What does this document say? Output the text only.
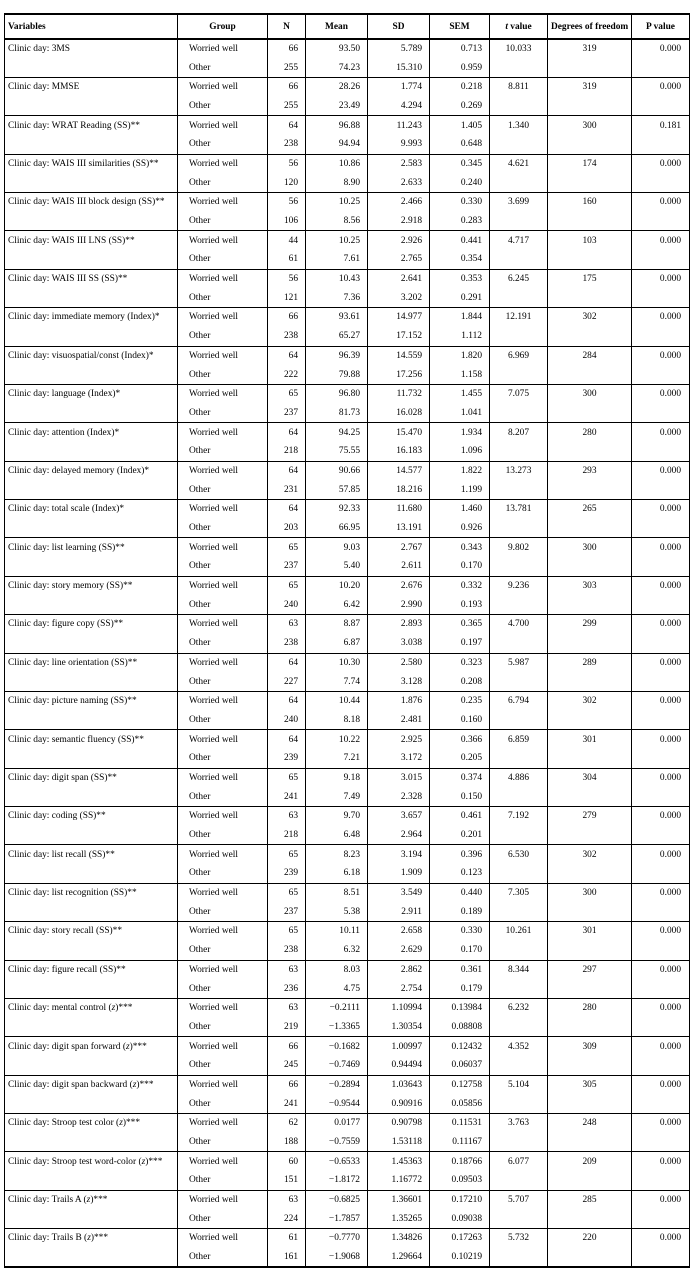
Variables	Group	N	Mean	SD	SEM	t value	Degrees of freedom	P value
Clinic day: 3MS	Worried well	66	93.50	5.789	0.713	10.033	319	0.000
	Other	255	74.23	15.310	0.959			
Clinic day: MMSE	Worried well	66	28.26	1.774	0.218	8.811	319	0.000
	Other	255	23.49	4.294	0.269			
Clinic day: WRAT Reading (SS)**	Worried well	64	96.88	11.243	1.405	1.340	300	0.181
	Other	238	94.94	9.993	0.648			
Clinic day: WAIS III similarities (SS)**	Worried well	56	10.86	2.583	0.345	4.621	174	0.000
	Other	120	8.90	2.633	0.240			
Clinic day: WAIS III block design (SS)**	Worried well	56	10.25	2.466	0.330	3.699	160	0.000
	Other	106	8.56	2.918	0.283			
Clinic day: WAIS III LNS (SS)**	Worried well	44	10.25	2.926	0.441	4.717	103	0.000
	Other	61	7.61	2.765	0.354			
Clinic day: WAIS III SS (SS)**	Worried well	56	10.43	2.641	0.353	6.245	175	0.000
	Other	121	7.36	3.202	0.291			
Clinic day: immediate memory (Index)*	Worried well	66	93.61	14.977	1.844	12.191	302	0.000
	Other	238	65.27	17.152	1.112			
Clinic day: visuospatial/const (Index)*	Worried well	64	96.39	14.559	1.820	6.969	284	0.000
	Other	222	79.88	17.256	1.158			
Clinic day: language (Index)*	Worried well	65	96.80	11.732	1.455	7.075	300	0.000
	Other	237	81.73	16.028	1.041			
Clinic day: attention (Index)*	Worried well	64	94.25	15.470	1.934	8.207	280	0.000
	Other	218	75.55	16.183	1.096			
Clinic day: delayed memory (Index)*	Worried well	64	90.66	14.577	1.822	13.273	293	0.000
	Other	231	57.85	18.216	1.199			
Clinic day: total scale (Index)*	Worried well	64	92.33	11.680	1.460	13.781	265	0.000
	Other	203	66.95	13.191	0.926			
Clinic day: list learning (SS)**	Worried well	65	9.03	2.767	0.343	9.802	300	0.000
	Other	237	5.40	2.611	0.170			
Clinic day: story memory (SS)**	Worried well	65	10.20	2.676	0.332	9.236	303	0.000
	Other	240	6.42	2.990	0.193			
Clinic day: figure copy (SS)**	Worried well	63	8.87	2.893	0.365	4.700	299	0.000
	Other	238	6.87	3.038	0.197			
Clinic day: line orientation (SS)**	Worried well	64	10.30	2.580	0.323	5.987	289	0.000
	Other	227	7.74	3.128	0.208			
Clinic day: picture naming (SS)**	Worried well	64	10.44	1.876	0.235	6.794	302	0.000
	Other	240	8.18	2.481	0.160			
Clinic day: semantic fluency (SS)**	Worried well	64	10.22	2.925	0.366	6.859	301	0.000
	Other	239	7.21	3.172	0.205			
Clinic day: digit span (SS)**	Worried well	65	9.18	3.015	0.374	4.886	304	0.000
	Other	241	7.49	2.328	0.150			
Clinic day: coding (SS)**	Worried well	63	9.70	3.657	0.461	7.192	279	0.000
	Other	218	6.48	2.964	0.201			
Clinic day: list recall (SS)**	Worried well	65	8.23	3.194	0.396	6.530	302	0.000
	Other	239	6.18	1.909	0.123			
Clinic day: list recognition (SS)**	Worried well	65	8.51	3.549	0.440	7.305	300	0.000
	Other	237	5.38	2.911	0.189			
Clinic day: story recall (SS)**	Worried well	65	10.11	2.658	0.330	10.261	301	0.000
	Other	238	6.32	2.629	0.170			
Clinic day: figure recall (SS)**	Worried well	63	8.03	2.862	0.361	8.344	297	0.000
	Other	236	4.75	2.754	0.179			
Clinic day: mental control (z)***	Worried well	63	−0.2111	1.10994	0.13984	6.232	280	0.000
	Other	219	−1.3365	1.30354	0.08808			
Clinic day: digit span forward (z)***	Worried well	66	−0.1682	1.00997	0.12432	4.352	309	0.000
	Other	245	−0.7469	0.94494	0.06037			
Clinic day: digit span backward (z)***	Worried well	66	−0.2894	1.03643	0.12758	5.104	305	0.000
	Other	241	−0.9544	0.90916	0.05856			
Clinic day: Stroop test color (z)***	Worried well	62	0.0177	0.90798	0.11531	3.763	248	0.000
	Other	188	−0.7559	1.53118	0.11167			
Clinic day: Stroop test word-color (z)***	Worried well	60	−0.6533	1.45363	0.18766	6.077	209	0.000
	Other	151	−1.8172	1.16772	0.09503			
Clinic day: Trails A (z)***	Worried well	63	−0.6825	1.36601	0.17210	5.707	285	0.000
	Other	224	−1.7857	1.35265	0.09038			
Clinic day: Trails B (z)***	Worried well	61	−0.7770	1.34826	0.17263	5.732	220	0.000
	Other	161	−1.9068	1.29664	0.10219			
